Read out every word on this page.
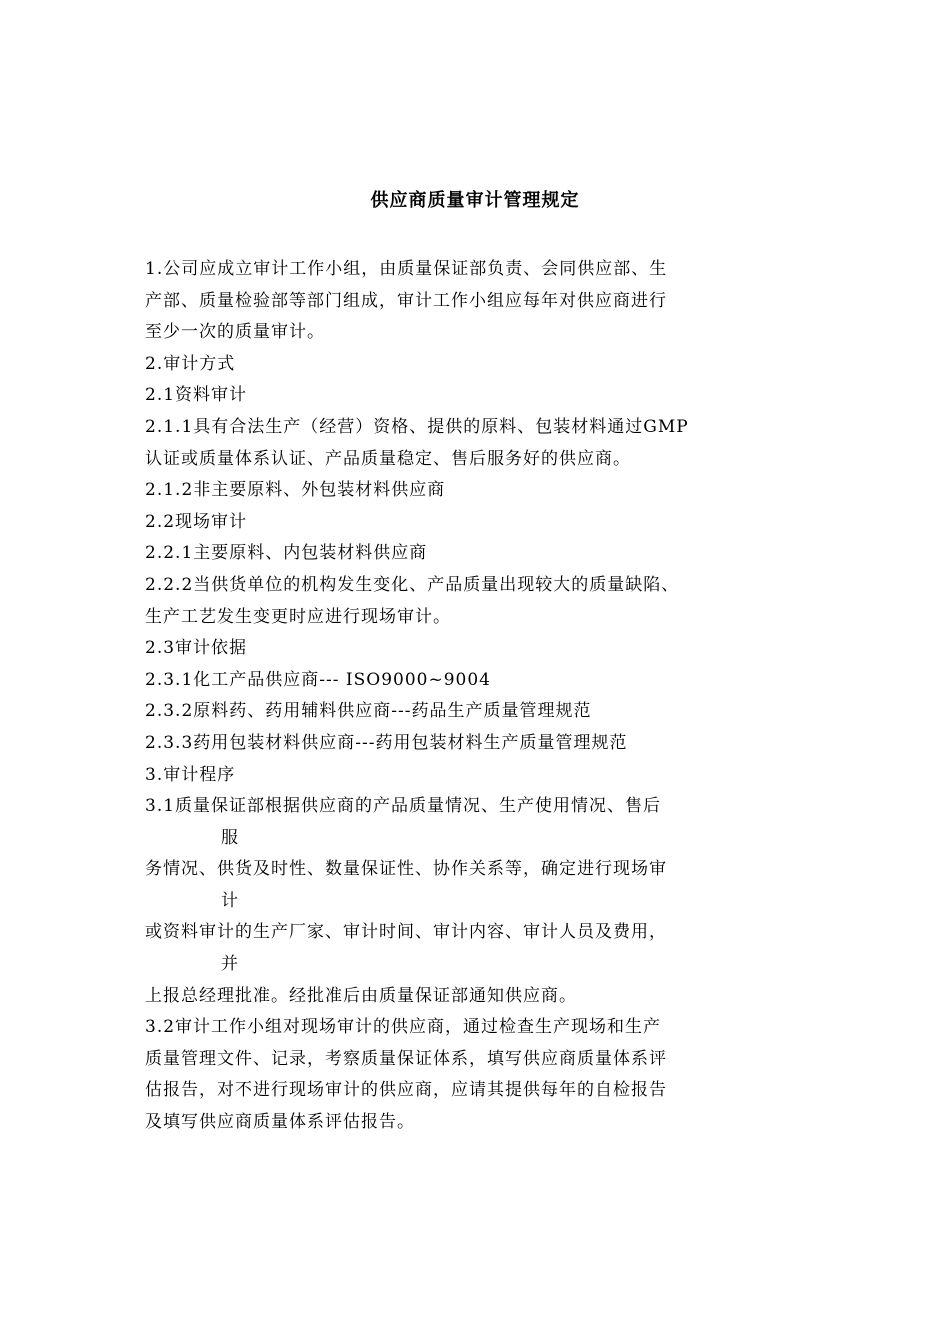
供应商质量审计管理规定
1.公司应成立审计工作小组，由质量保证部负责、会同供应部、生
产部、质量检验部等部门组成，审计工作小组应每年对供应商进行
至少一次的质量审计。
2.审计方式
2.1资料审计
2.1.1具有合法生产（经营）资格、提供的原料、包装材料通过GMP
认证或质量体系认证、产品质量稳定、售后服务好的供应商。
2.1.2非主要原料、外包装材料供应商
2.2现场审计
2.2.1主要原料、内包装材料供应商
2.2.2当供货单位的机构发生变化、产品质量出现较大的质量缺陷、
生产工艺发生变更时应进行现场审计。
2.3审计依据
2.3.1化工产品供应商--- ISO9000~9004
2.3.2原料药、药用辅料供应商---药品生产质量管理规范
2.3.3药用包装材料供应商---药用包装材料生产质量管理规范
3.审计程序
3.1质量保证部根据供应商的产品质量情况、生产使用情况、售后
服
务情况、供货及时性、数量保证性、协作关系等，确定进行现场审
计
或资料审计的生产厂家、审计时间、审计内容、审计人员及费用，
并
上报总经理批准。经批准后由质量保证部通知供应商。
3.2审计工作小组对现场审计的供应商，通过检查生产现场和生产
质量管理文件、记录，考察质量保证体系，填写供应商质量体系评
估报告，对不进行现场审计的供应商，应请其提供每年的自检报告
及填写供应商质量体系评估报告。
